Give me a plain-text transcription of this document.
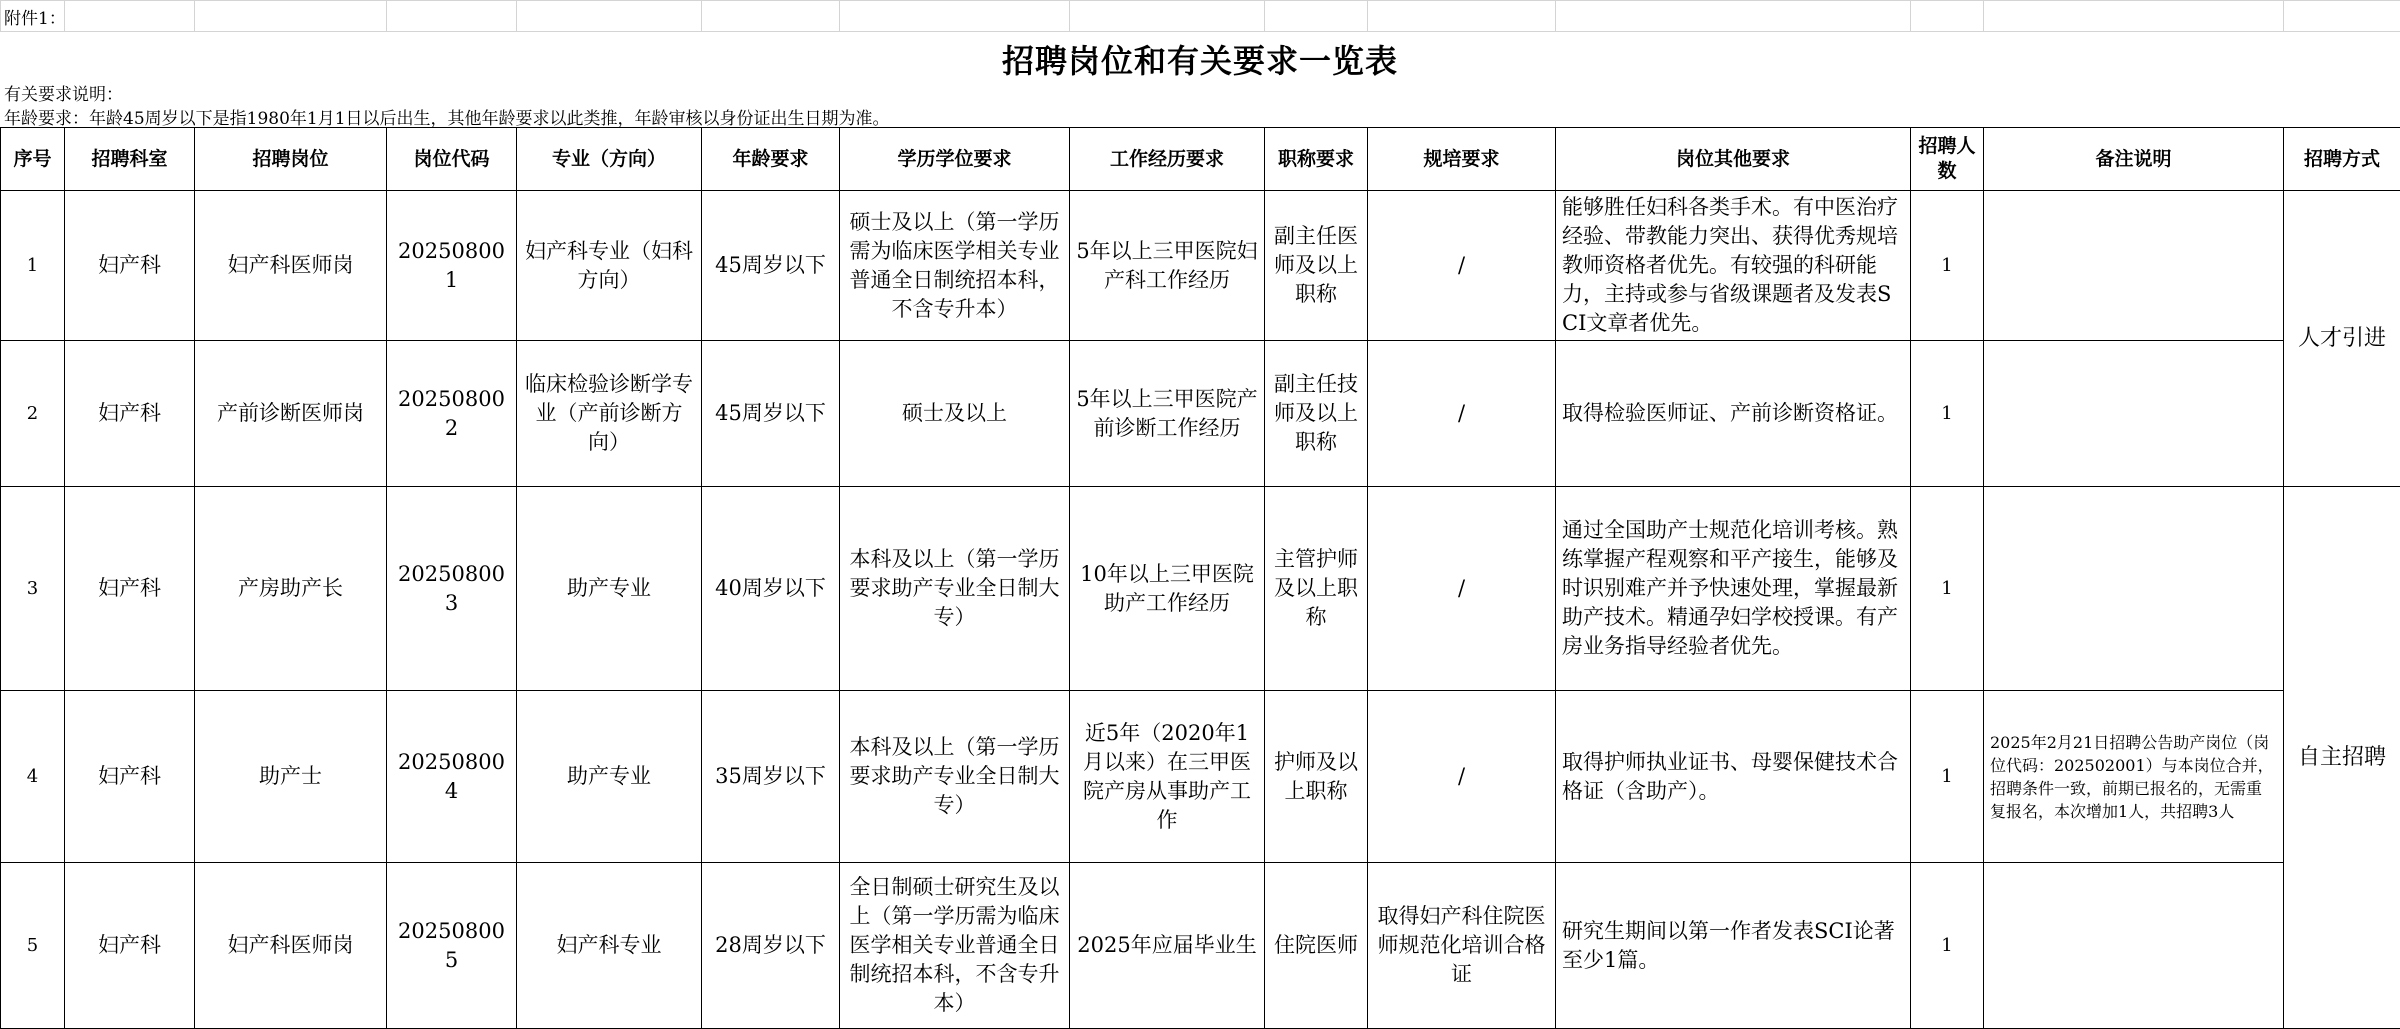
附件1：
招聘岗位和有关要求一览表
有关要求说明：
年龄要求：年龄45周岁以下是指1980年1月1日以后出生，其他年龄要求以此类推，年龄审核以身份证出生日期为准。
序号	招聘科室	招聘岗位	岗位代码	专业（方向）	年龄要求	学历学位要求	工作经历要求	职称要求	规培要求	岗位其他要求	招聘人数	备注说明	招聘方式
1	妇产科	妇产科医师岗	202508001	妇产科专业（妇科方向）	45周岁以下	硕士及以上（第一学历需为临床医学相关专业普通全日制统招本科，不含专升本）	5年以上三甲医院妇产科工作经历	副主任医师及以上职称	/	能够胜任妇科各类手术。有中医治疗经验、带教能力突出、获得优秀规培教师资格者优先。有较强的科研能力，主持或参与省级课题者及发表SCI文章者优先。	1		人才引进
2	妇产科	产前诊断医师岗	202508002	临床检验诊断学专业（产前诊断方向）	45周岁以下	硕士及以上	5年以上三甲医院产前诊断工作经历	副主任技师及以上职称	/	取得检验医师证、产前诊断资格证。	1		
3	妇产科	产房助产长	202508003	助产专业	40周岁以下	本科及以上（第一学历要求助产专业全日制大专）	10年以上三甲医院助产工作经历	主管护师及以上职称	/	通过全国助产士规范化培训考核。熟练掌握产程观察和平产接生，能够及时识别难产并予快速处理，掌握最新助产技术。精通孕妇学校授课。有产房业务指导经验者优先。	1		自主招聘
4	妇产科	助产士	202508004	助产专业	35周岁以下	本科及以上（第一学历要求助产专业全日制大专）	近5年（2020年1月以来）在三甲医院产房从事助产工作	护师及以上职称	/	取得护师执业证书、母婴保健技术合格证（含助产）。	1	2025年2月21日招聘公告助产岗位（岗位代码：202502001）与本岗位合并，招聘条件一致，前期已报名的，无需重复报名，本次增加1人，共招聘3人	
5	妇产科	妇产科医师岗	202508005	妇产科专业	28周岁以下	全日制硕士研究生及以上（第一学历需为临床医学相关专业普通全日制统招本科，不含专升本）	2025年应届毕业生	住院医师	取得妇产科住院医师规范化培训合格证	研究生期间以第一作者发表SCI论著至少1篇。	1		
